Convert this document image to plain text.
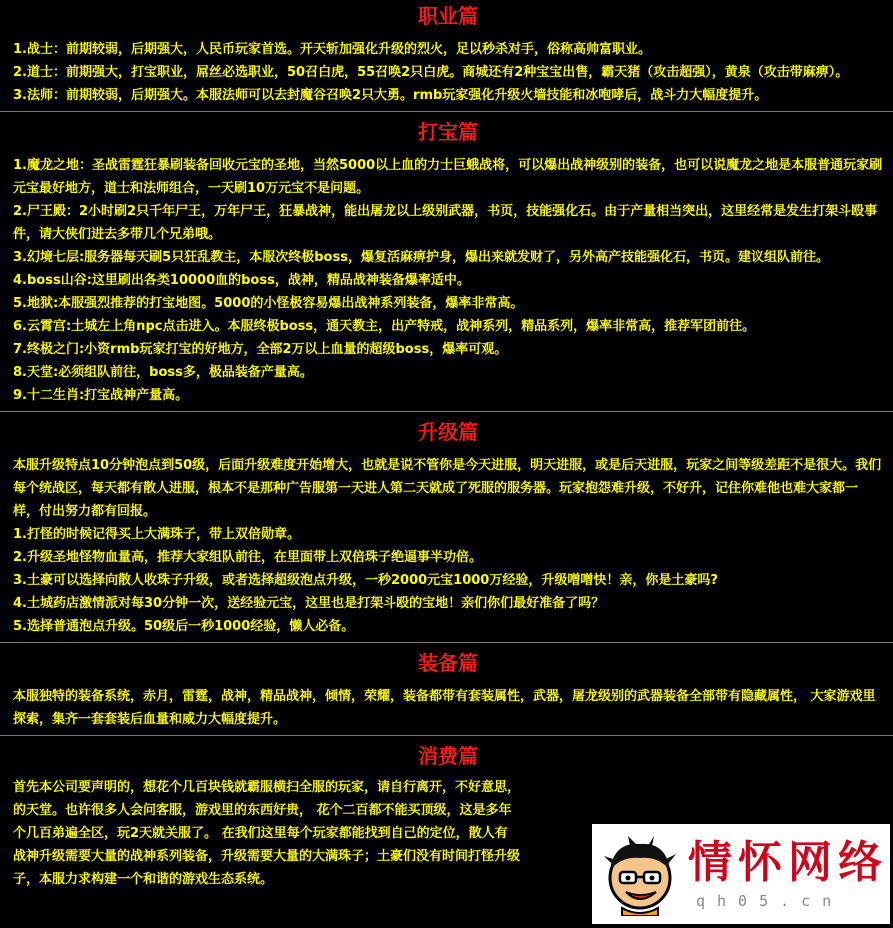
职业篇

1.战士：前期较弱，后期强大，人民币玩家首选。开天斩加强化升级的烈火，足以秒杀对手，俗称高帅富职业。

2.道士：前期强大，打宝职业，屌丝必选职业，50召白虎，55召唤2只白虎。商城还有2种宝宝出售，霸天猪（攻击超强），黄泉（攻击带麻痹）。

3.法师：前期较弱，后期强大。本服法师可以去封魔谷召唤2只大勇。rmb玩家强化升级火墙技能和冰咆哮后，战斗力大幅度提升。

打宝篇

1.魔龙之地：圣战雷霆狂暴刷装备回收元宝的圣地，当然5000以上血的力士巨蛾战将，可以爆出战神级别的装备，也可以说魔龙之地是本服普通玩家刷元宝最好地方，道士和法师组合，一天刷10万元宝不是问题。

2.尸王殿：2小时刷2只千年尸王，万年尸王，狂暴战神，能出屠龙以上级别武器，书页，技能强化石。由于产量相当突出，这里经常是发生打架斗殴事件，请大侠们进去多带几个兄弟哦。

3.幻境七层:服务器每天刷5只狂乱教主，本服次终极boss，爆复活麻痹护身，爆出来就发财了，另外高产技能强化石，书页。建议组队前往。

4.boss山谷:这里刷出各类10000血的boss，战神，精品战神装备爆率适中。

5.地狱:本服强烈推荐的打宝地图。5000的小怪极容易爆出战神系列装备，爆率非常高。

6.云霄宫:土城左上角npc点击进入。本服终极boss，通天教主，出产特戒，战神系列，精品系列，爆率非常高，推荐军团前往。

7.终极之门:小资rmb玩家打宝的好地方，全部2万以上血量的超级boss，爆率可观。

8.天堂:必须组队前往，boss多，极品装备产量高。

9.十二生肖:打宝战神产量高。

升级篇

本服升级特点10分钟泡点到50级，后面升级难度开始增大，也就是说不管你是今天进服，明天进服，或是后天进服，玩家之间等级差距不是很大。我们每个统战区，每天都有散人进服，根本不是那种广告服第一天进人第二天就成了死服的服务器。玩家抱怨难升级，不好升，记住你难他也难大家都一样，付出努力都有回报。

1.打怪的时候记得买上大满珠子，带上双倍勋章。

2.升级圣地怪物血量高，推荐大家组队前往，在里面带上双倍珠子绝逼事半功倍。

3.土豪可以选择向散人收珠子升级，或者选择超级泡点升级，一秒2000元宝1000万经验，升级噌噌快！亲，你是土豪吗?

4.土城药店激情派对每30分钟一次，送经验元宝，这里也是打架斗殴的宝地！亲们你们最好准备了吗？

5.选择普通泡点升级。50级后一秒1000经验，懒人必备。

装备篇

本服独特的装备系统，赤月，雷霆，战神，精品战神，倾情，荣耀，装备都带有套装属性，武器，屠龙级别的武器装备全部带有隐藏属性， 大家游戏里探索，集齐一套套装后血量和威力大幅度提升。

消费篇

首先本公司要声明的，想花个几百块钱就霸服横扫全服的玩家，请自行离开，不好意思，

的天堂。也许很多人会问客服，游戏里的东西好贵， 花个二百都不能买顶级，这是多年

个几百弟遍全区，玩2天就关服了。 在我们这里每个玩家都能找到自己的定位，散人有

战神升级需要大量的战神系列装备，升级需要大量的大满珠子；土豪们没有时间打怪升级

子，本服力求构建一个和谐的游戏生态系统。	情怀网络
qh05.cn
